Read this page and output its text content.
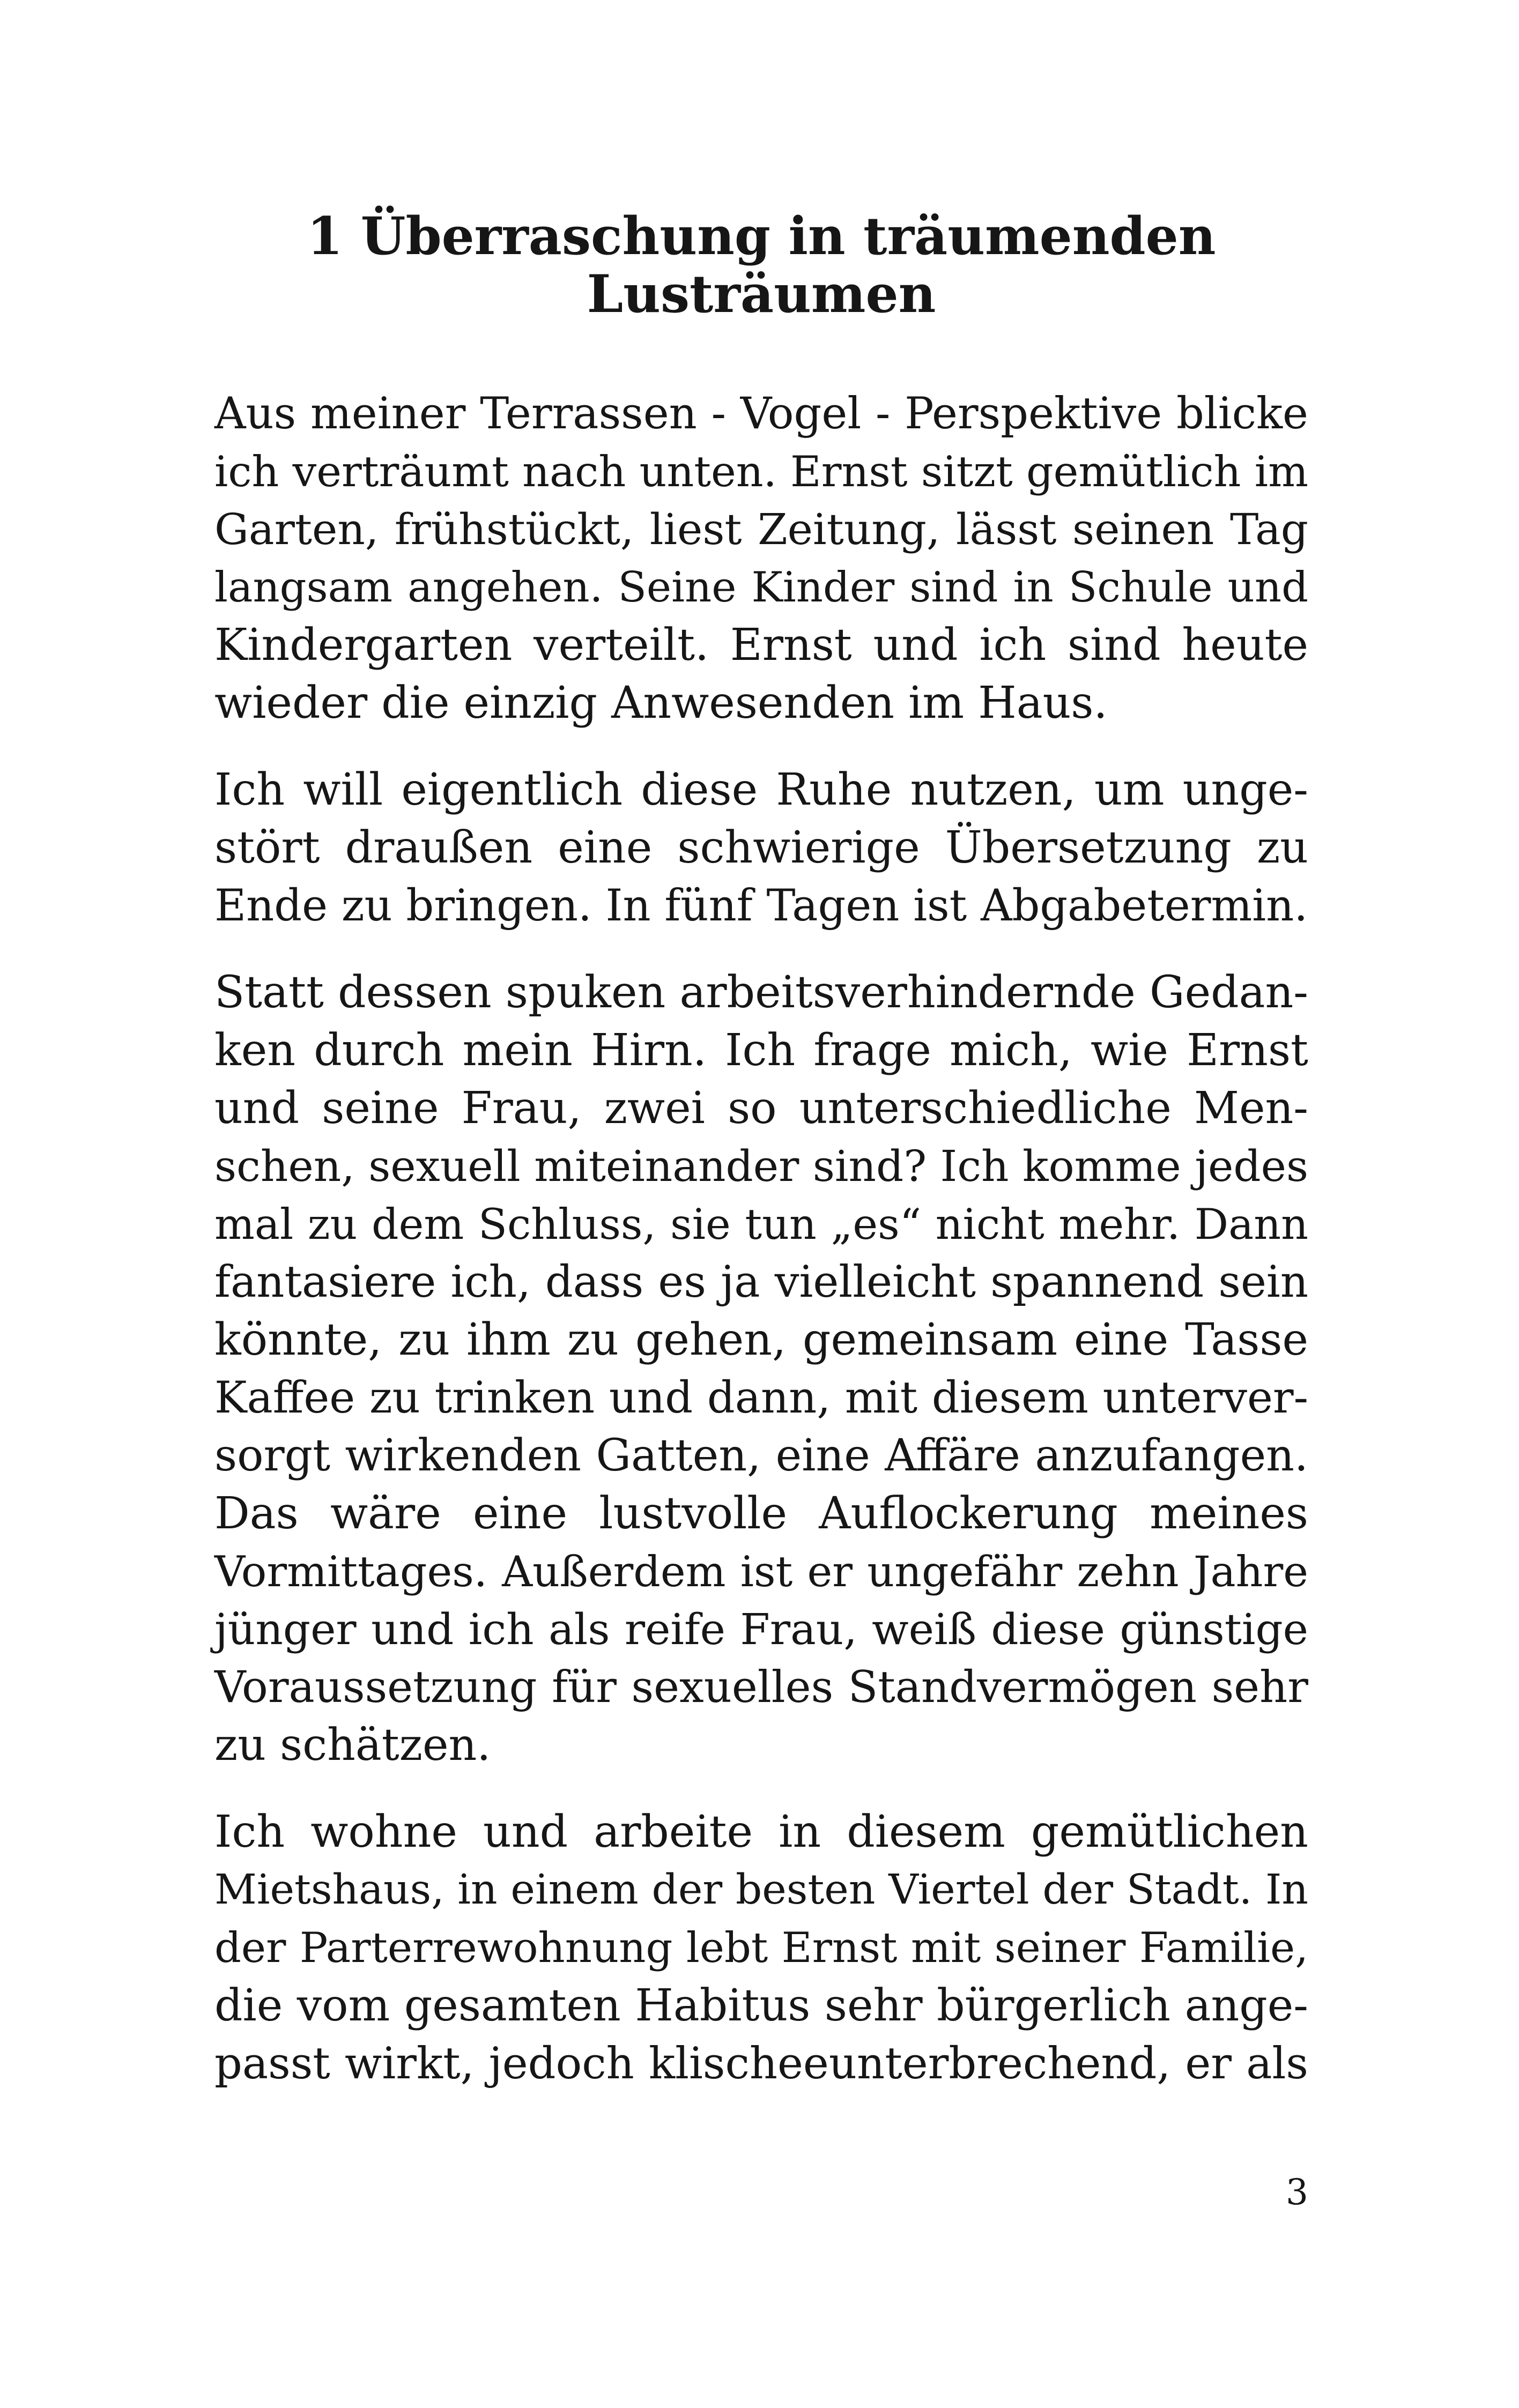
1 Überraschung in träumenden
Lusträumen
Aus meiner Terrassen - Vogel - Perspektive blicke
ich verträumt nach unten. Ernst sitzt gemütlich im
Garten, frühstückt, liest Zeitung, lässt seinen Tag
langsam angehen. Seine Kinder sind in Schule und
Kindergarten verteilt. Ernst und ich sind heute
wieder die einzig Anwesenden im Haus.
Ich will eigentlich diese Ruhe nutzen, um unge-
stört draußen eine schwierige Übersetzung zu
Ende zu bringen. In fünf Tagen ist Abgabetermin.
Statt dessen spuken arbeitsverhindernde Gedan-
ken durch mein Hirn. Ich frage mich, wie Ernst
und seine Frau, zwei so unterschiedliche Men-
schen, sexuell miteinander sind? Ich komme jedes
mal zu dem Schluss, sie tun „es“ nicht mehr. Dann
fantasiere ich, dass es ja vielleicht spannend sein
könnte, zu ihm zu gehen, gemeinsam eine Tasse
Kaffee zu trinken und dann, mit diesem unterver-
sorgt wirkenden Gatten, eine Affäre anzufangen.
Das wäre eine lustvolle Auflockerung meines
Vormittages. Außerdem ist er ungefähr zehn Jahre
jünger und ich als reife Frau, weiß diese günstige
Voraussetzung für sexuelles Standvermögen sehr
zu schätzen.
Ich wohne und arbeite in diesem gemütlichen
Mietshaus, in einem der besten Viertel der Stadt. In
der Parterrewohnung lebt Ernst mit seiner Familie,
die vom gesamten Habitus sehr bürgerlich ange-
passt wirkt, jedoch klischeeunterbrechend, er als
3
